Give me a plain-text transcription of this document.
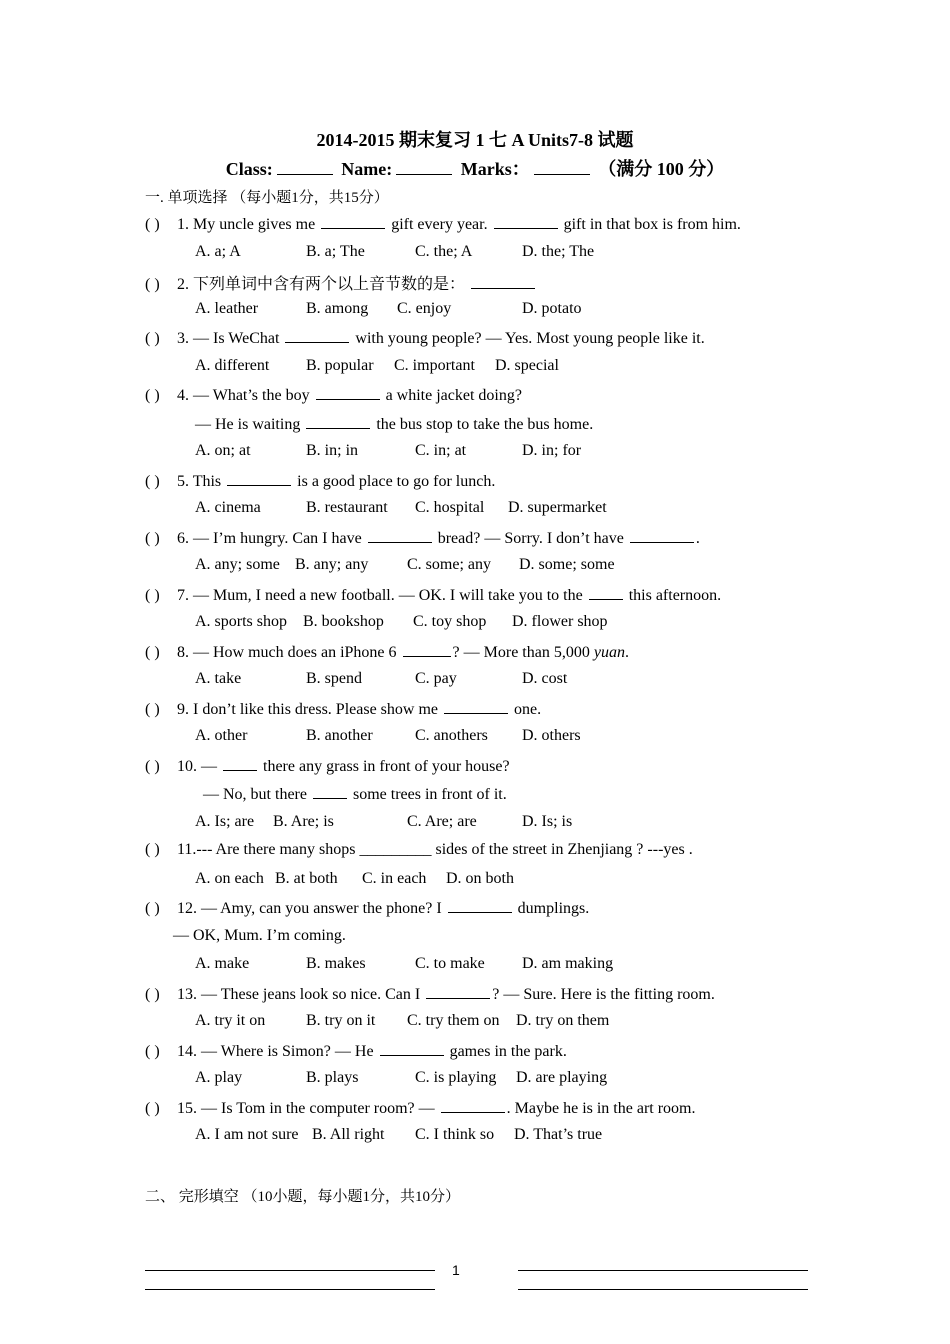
2014-2015 期末复习 1 七 A Units7-8 试题
Class:	Name:	Marks：	（满分 100 分）
一. 单项选择 （每小题1分，共15分）
( ) 1. My uncle gives me	gift every year.	gift in that box is from him.
A. a; A	B. a; The	C. the; A	D. the; The
( ) 2. 下列单词中含有两个以上音节数的是：
A. leather	B. among C. enjoy	D. potato
( ) 3. — Is WeChat	with young people? — Yes. Most young people like it.
A. different B. popular C. important D. special
( ) 4. — What’s the boy	a white jacket doing?
— He is waiting	the bus stop to take the bus home.
A. on; at	B. in; in	C. in; at	D. in; for
( ) 5. This	is a good place to go for lunch.
A. cinema	B. restaurant C. hospital D. supermarket
( ) 6. — I’m hungry. Can I have	bread? — Sorry. I don’t have	.
A. any; some B. any; any C. some; any D. some; some
( ) 7. — Mum, I need a new football. — OK. I will take you to the  this afternoon.
A. sports shop B. bookshop C. toy shop D. flower shop
( ) 8. — How much does an iPhone 6	? — More than 5,000 yuan.
A. take	B. spend	C. pay	D. cost
( ) 9. I don’t like this dress. Please show me	one.
A. other	B. another	C. anothers D. others
( ) 10. —  there any grass in front of your house?
— No, but there  some trees in front of it.
A. Is; are B. Are; is	C. Are; are	D. Is; is
( ) 11.--- Are there many shops _________ sides of the street in Zhenjiang ? ---yes .
A. on each B. at both C. in each D. on both
( ) 12. — Amy, can you answer the phone? I	dumplings.
— OK, Mum. I’m coming.
A. make	B. makes	C. to make D. am making
( ) 13. — These jeans look so nice. Can I	? — Sure. Here is the fitting room.
A. try it on	B. try on it C. try them on D. try on them
( ) 14. — Where is Simon? — He	games in the park.
A. play	B. plays	C. is playing D. are playing
( ) 15. — Is Tom in the computer room? —	. Maybe he is in the art room.
A. I am not sure B. All right C. I think so D. That’s true
二、 完形填空 （10小题，每小题1分，共10分）
1
